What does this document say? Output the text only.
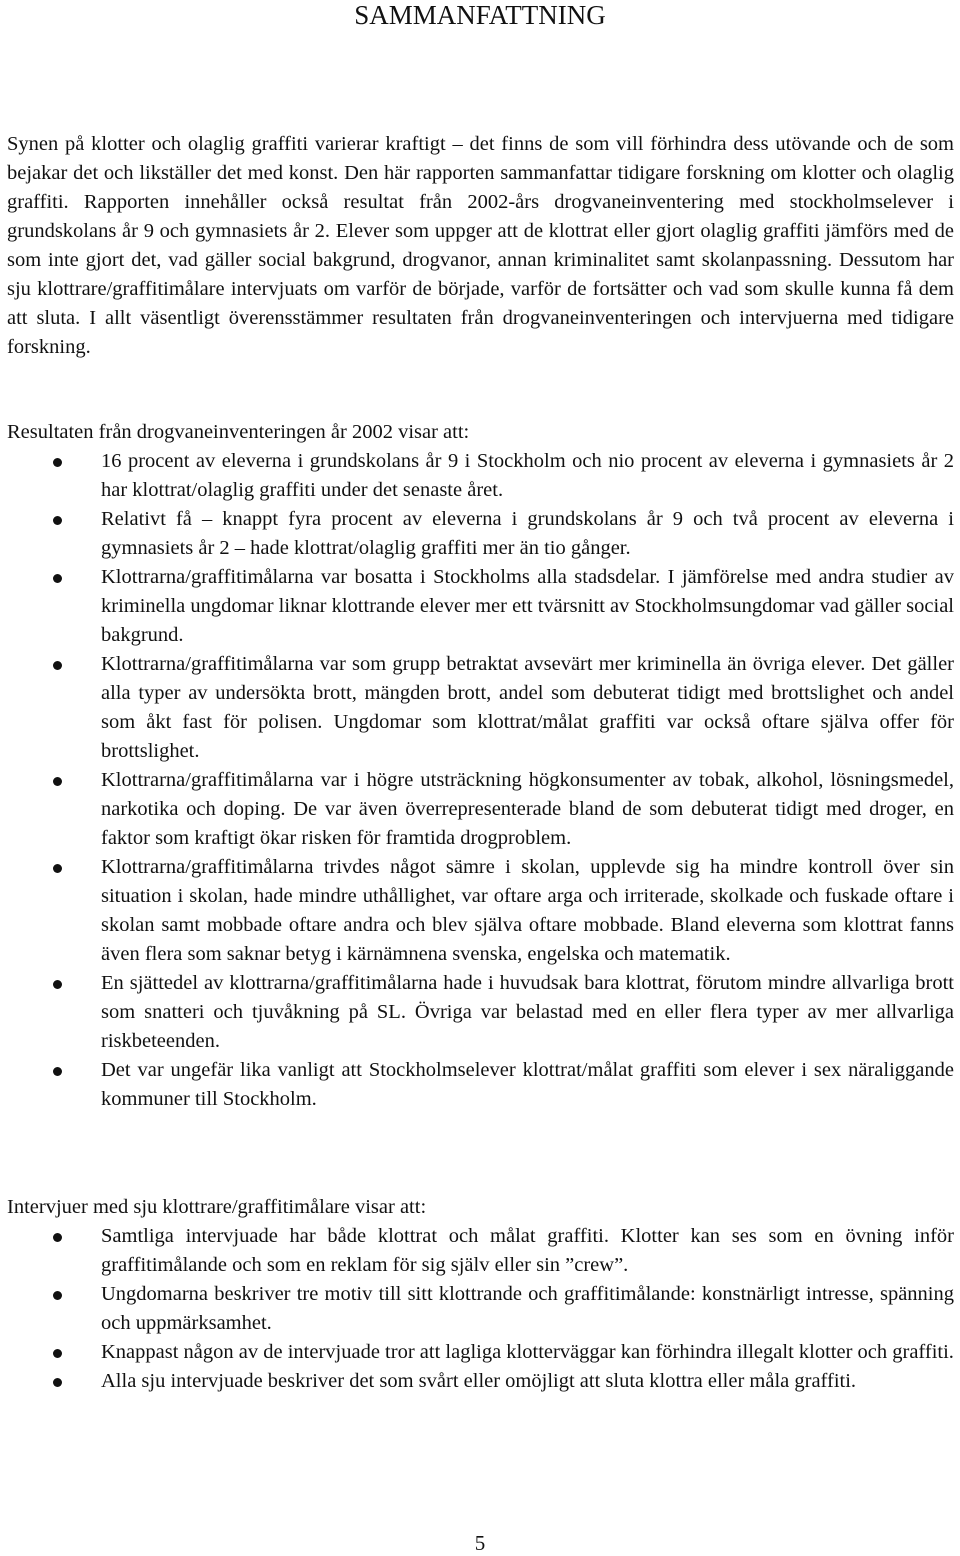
SAMMANFATTNING

Synen på klotter och olaglig graffiti varierar kraftigt – det finns de som vill förhindra dess utövande och de som bejakar det och likställer det med konst. Den här rapporten sammanfattar tidigare forskning om klotter och olaglig graffiti. Rapporten innehåller också resultat från 2002-års drogvaneinventering med stockholmselever i grundskolans år 9 och gymnasiets år 2. Elever som uppger att de klottrat eller gjort olaglig graffiti jämförs med de som inte gjort det, vad gäller social bakgrund, drogvanor, annan kriminalitet samt skolanpassning. Dessutom har sju klottrare/graffitimålare intervjuats om varför de började, varför de fortsätter och vad som skulle kunna få dem att sluta. I allt väsentligt överensstämmer resultaten från drogvaneinventeringen och intervjuerna med tidigare forskning.

Resultaten från drogvaneinventeringen år 2002 visar att:

16 procent av eleverna i grundskolans år 9 i Stockholm och nio procent av eleverna i gymnasiets år 2 har klottrat/olaglig graffiti under det senaste året.
Relativt få – knappt fyra procent av eleverna i grundskolans år 9 och två procent av eleverna i gymnasiets år 2 – hade klottrat/olaglig graffiti mer än tio gånger.
Klottrarna/graffitimålarna var bosatta i Stockholms alla stadsdelar. I jämförelse med andra studier av kriminella ungdomar liknar klottrande elever mer ett tvärsnitt av Stockholmsungdomar vad gäller social bakgrund.
Klottrarna/graffitimålarna var som grupp betraktat avsevärt mer kriminella än övriga elever. Det gäller alla typer av undersökta brott, mängden brott, andel som debuterat tidigt med brottslighet och andel som åkt fast för polisen. Ungdomar som klottrat/målat graffiti var också oftare själva offer för brottslighet.
Klottrarna/graffitimålarna var i högre utsträckning högkonsumenter av tobak, alkohol, lösningsmedel, narkotika och doping. De var även överrepresenterade bland de som debuterat tidigt med droger, en faktor som kraftigt ökar risken för framtida drogproblem.
Klottrarna/graffitimålarna trivdes något sämre i skolan, upplevde sig ha mindre kontroll över sin situation i skolan, hade mindre uthållighet, var oftare arga och irriterade, skolkade och fuskade oftare i skolan samt mobbade oftare andra och blev själva oftare mobbade. Bland eleverna som klottrat fanns även flera som saknar betyg i kärnämnena svenska, engelska och matematik.
En sjättedel av klottrarna/graffitimålarna hade i huvudsak bara klottrat, förutom mindre allvarliga brott som snatteri och tjuvåkning på SL. Övriga var belastad med en eller flera typer av mer allvarliga riskbeteenden.
Det var ungefär lika vanligt att Stockholmselever klottrat/målat graffiti som elever i sex näraliggande kommuner till Stockholm.

Intervjuer med sju klottrare/graffitimålare visar att:

Samtliga intervjuade har både klottrat och målat graffiti. Klotter kan ses som en övning inför graffitimålande och som en reklam för sig själv eller sin ”crew”.
Ungdomarna beskriver tre motiv till sitt klottrande och graffitimålande: konstnärligt intresse, spänning och uppmärksamhet.
Knappast någon av de intervjuade tror att lagliga klotterväggar kan förhindra illegalt klotter och graffiti.
Alla sju intervjuade beskriver det som svårt eller omöjligt att sluta klottra eller måla graffiti.
5
